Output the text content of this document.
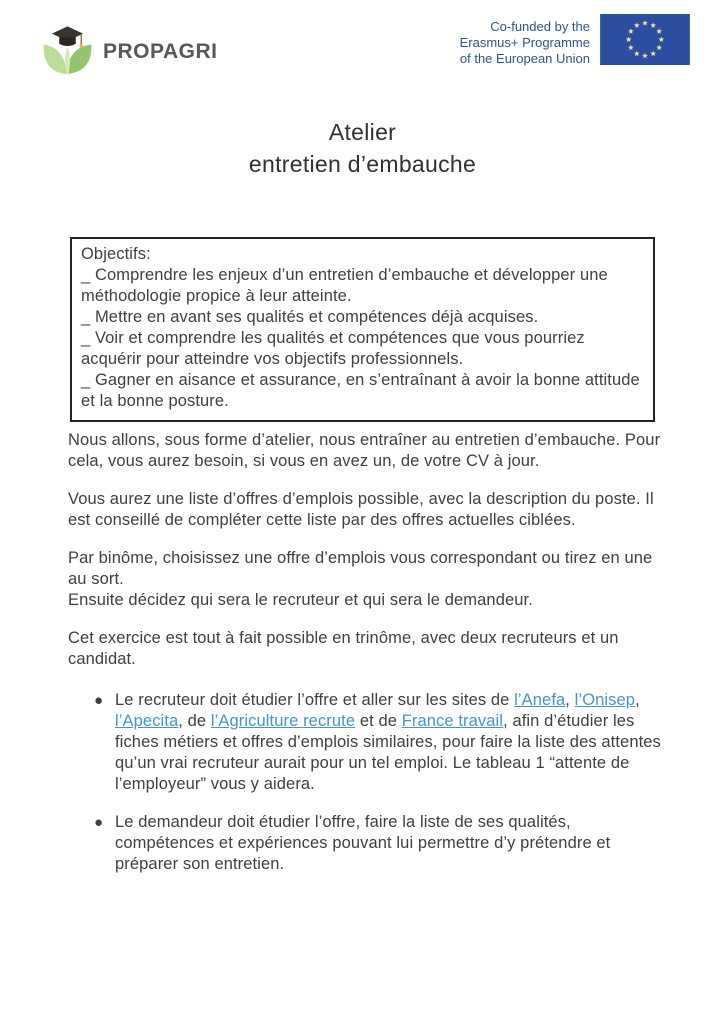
PROPAGRI
Co-funded by the
Erasmus+ Programme
of the European Union
Atelier
entretien d’embauche
Objectifs:
_ Comprendre les enjeux d’un entretien d’embauche et développer une méthodologie propice à leur atteinte.
_ Mettre en avant ses qualités et compétences déjà acquises.
_ Voir et comprendre les qualités et compétences que vous pourriez acquérir pour atteindre vos objectifs professionnels.
_ Gagner en aisance et assurance, en s’entraînant à avoir la bonne attitude et la bonne posture.

Nous allons, sous forme d’atelier, nous entraîner au entretien d’embauche. Pour cela, vous aurez besoin, si vous en avez un, de votre CV à jour.

Vous aurez une liste d’offres d’emplois possible, avec la description du poste. Il est conseillé de compléter cette liste par des offres actuelles ciblées.

Par binôme, choisissez une offre d’emplois vous correspondant ou tirez en une au sort.
Ensuite décidez qui sera le recruteur et qui sera le demandeur.

Cet exercice est tout à fait possible en trinôme, avec deux recruteurs et un candidat.

● Le recruteur doit étudier l’offre et aller sur les sites de l’Anefa, l’Onisep, l’Apecita, de l’Agriculture recrute et de France travail, afin d’étudier les fiches métiers et offres d’emplois similaires, pour faire la liste des attentes qu’un vrai recruteur aurait pour un tel emploi. Le tableau 1 “attente de l’employeur” vous y aidera.
● Le demandeur doit étudier l’offre, faire la liste de ses qualités, compétences et expériences pouvant lui permettre d’y prétendre et préparer son entretien.
